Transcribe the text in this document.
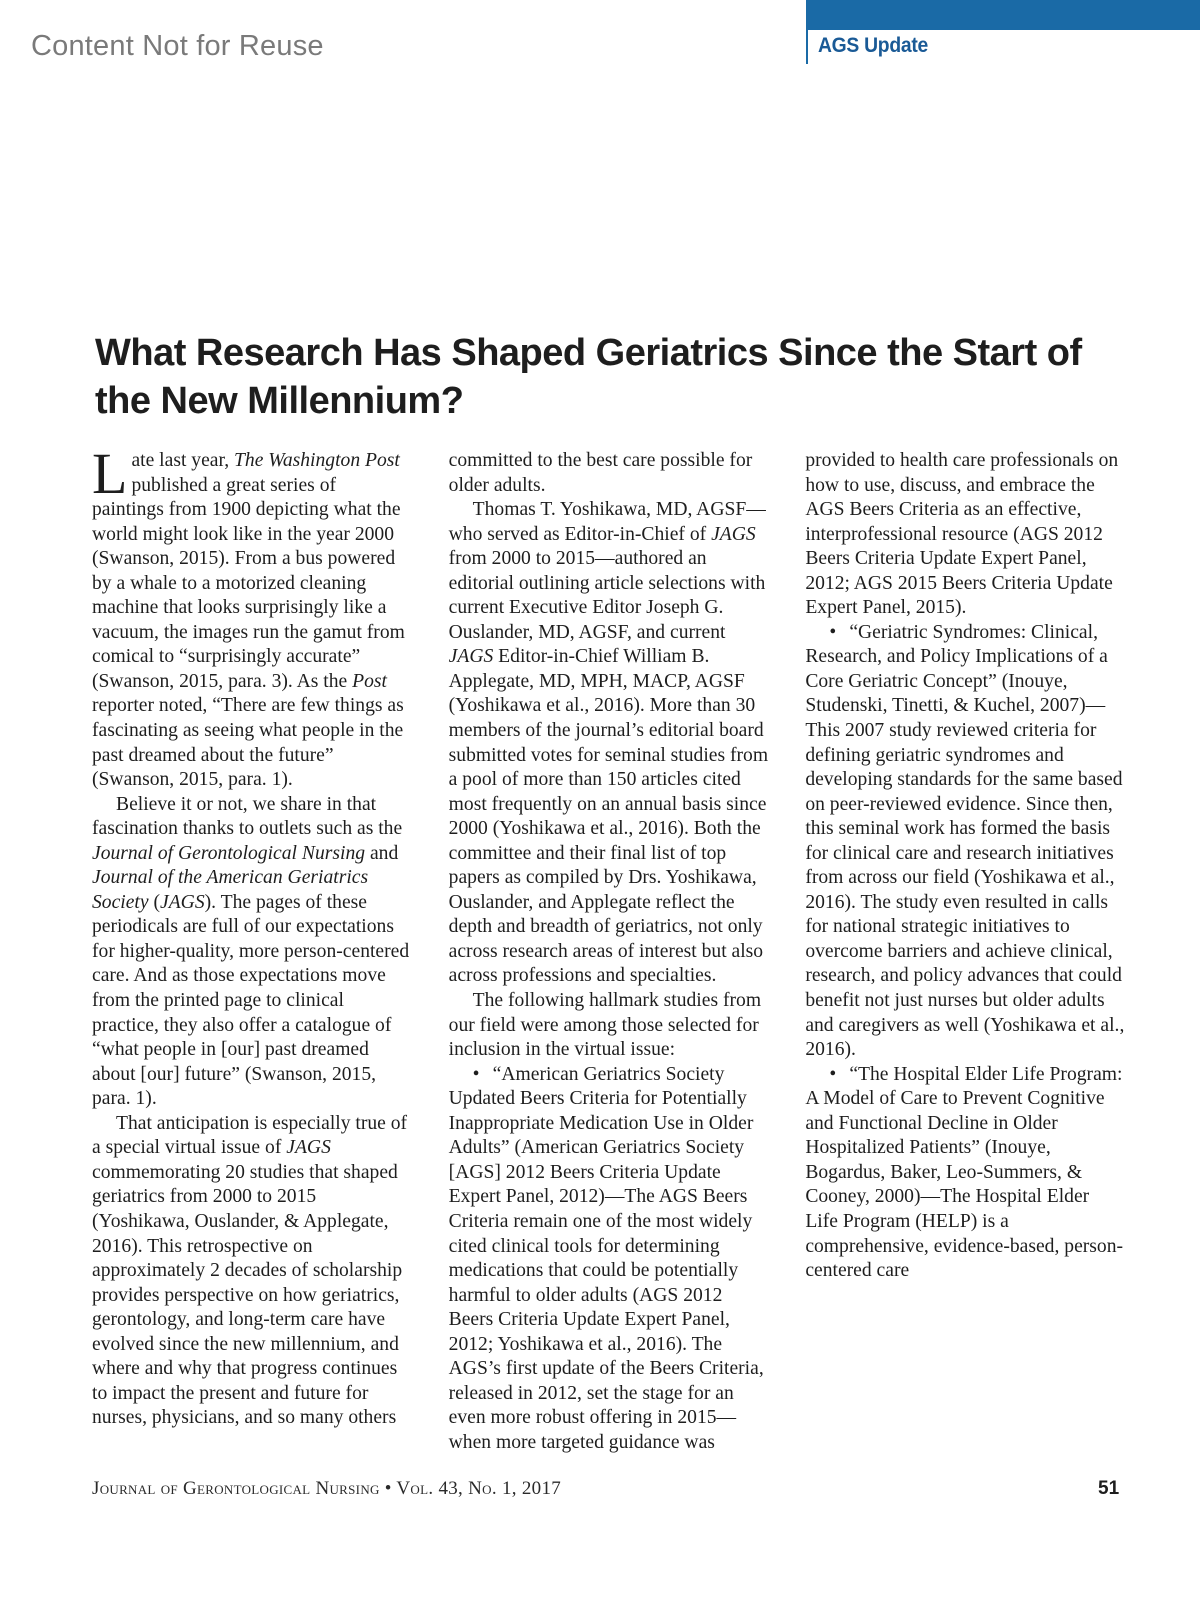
Content Not for Reuse	AGS Update
What Research Has Shaped Geriatrics Since the Start of the New Millennium?

Late last year, The Washington Post published a great series of paintings from 1900 depicting what the world might look like in the year 2000 (Swanson, 2015). From a bus powered by a whale to a motorized cleaning machine that looks surprisingly like a vacuum, the images run the gamut from comical to “surprisingly accurate” (Swanson, 2015, para. 3). As the Post reporter noted, “There are few things as fascinating as seeing what people in the past dreamed about the future” (Swanson, 2015, para. 1).

Believe it or not, we share in that fascination thanks to outlets such as the Journal of Gerontological Nursing and Journal of the American Geriatrics Society (JAGS). The pages of these periodicals are full of our expectations for higher-quality, more person-centered care. And as those expectations move from the printed page to clinical practice, they also offer a catalogue of “what people in [our] past dreamed about [our] future” (Swanson, 2015, para. 1).

That anticipation is especially true of a special virtual issue of JAGS commemorating 20 studies that shaped geriatrics from 2000 to 2015 (Yoshikawa, Ouslander, & Applegate, 2016). This retrospective on approximately 2 decades of scholarship provides perspective on how geriatrics, gerontology, and long-term care have evolved since the new millennium, and where and why that progress continues to impact the present and future for nurses, physicians, and so many others committed to the best care possible for older adults.

Thomas T. Yoshikawa, MD, AGSF—who served as Editor-in-Chief of JAGS from 2000 to 2015—authored an editorial outlining article selections with current Executive Editor Joseph G. Ouslander, MD, AGSF, and current JAGS Editor-in-Chief William B. Applegate, MD, MPH, MACP, AGSF (Yoshikawa et al., 2016). More than 30 members of the journal’s editorial board submitted votes for seminal studies from a pool of more than 150 articles cited most frequently on an annual basis since 2000 (Yoshikawa et al., 2016). Both the committee and their final list of top papers as compiled by Drs. Yoshikawa, Ouslander, and Applegate reflect the depth and breadth of geriatrics, not only across research areas of interest but also across professions and specialties.

The following hallmark studies from our field were among those selected for inclusion in the virtual issue:

• “American Geriatrics Society Updated Beers Criteria for Potentially Inappropriate Medication Use in Older Adults” (American Geriatrics Society [AGS] 2012 Beers Criteria Update Expert Panel, 2012)—The AGS Beers Criteria remain one of the most widely cited clinical tools for determining medications that could be potentially harmful to older adults (AGS 2012 Beers Criteria Update Expert Panel, 2012; Yoshikawa et al., 2016). The AGS’s first update of the Beers Criteria, released in 2012, set the stage for an even more robust offering in 2015—when more targeted guidance was provided to health care professionals on how to use, discuss, and embrace the AGS Beers Criteria as an effective, interprofessional resource (AGS 2012 Beers Criteria Update Expert Panel, 2012; AGS 2015 Beers Criteria Update Expert Panel, 2015).

• “Geriatric Syndromes: Clinical, Research, and Policy Implications of a Core Geriatric Concept” (Inouye, Studenski, Tinetti, & Kuchel, 2007)—This 2007 study reviewed criteria for defining geriatric syndromes and developing standards for the same based on peer-reviewed evidence. Since then, this seminal work has formed the basis for clinical care and research initiatives from across our field (Yoshikawa et al., 2016). The study even resulted in calls for national strategic initiatives to overcome barriers and achieve clinical, research, and policy advances that could benefit not just nurses but older adults and caregivers as well (Yoshikawa et al., 2016).

• “The Hospital Elder Life Program: A Model of Care to Prevent Cognitive and Functional Decline in Older Hospitalized Patients” (Inouye, Bogardus, Baker, Leo-Summers, & Cooney, 2000)—The Hospital Elder Life Program (HELP) is a comprehensive, evidence-based, person-centered care

Journal of Gerontological Nursing • Vol. 43, No. 1, 2017	51
